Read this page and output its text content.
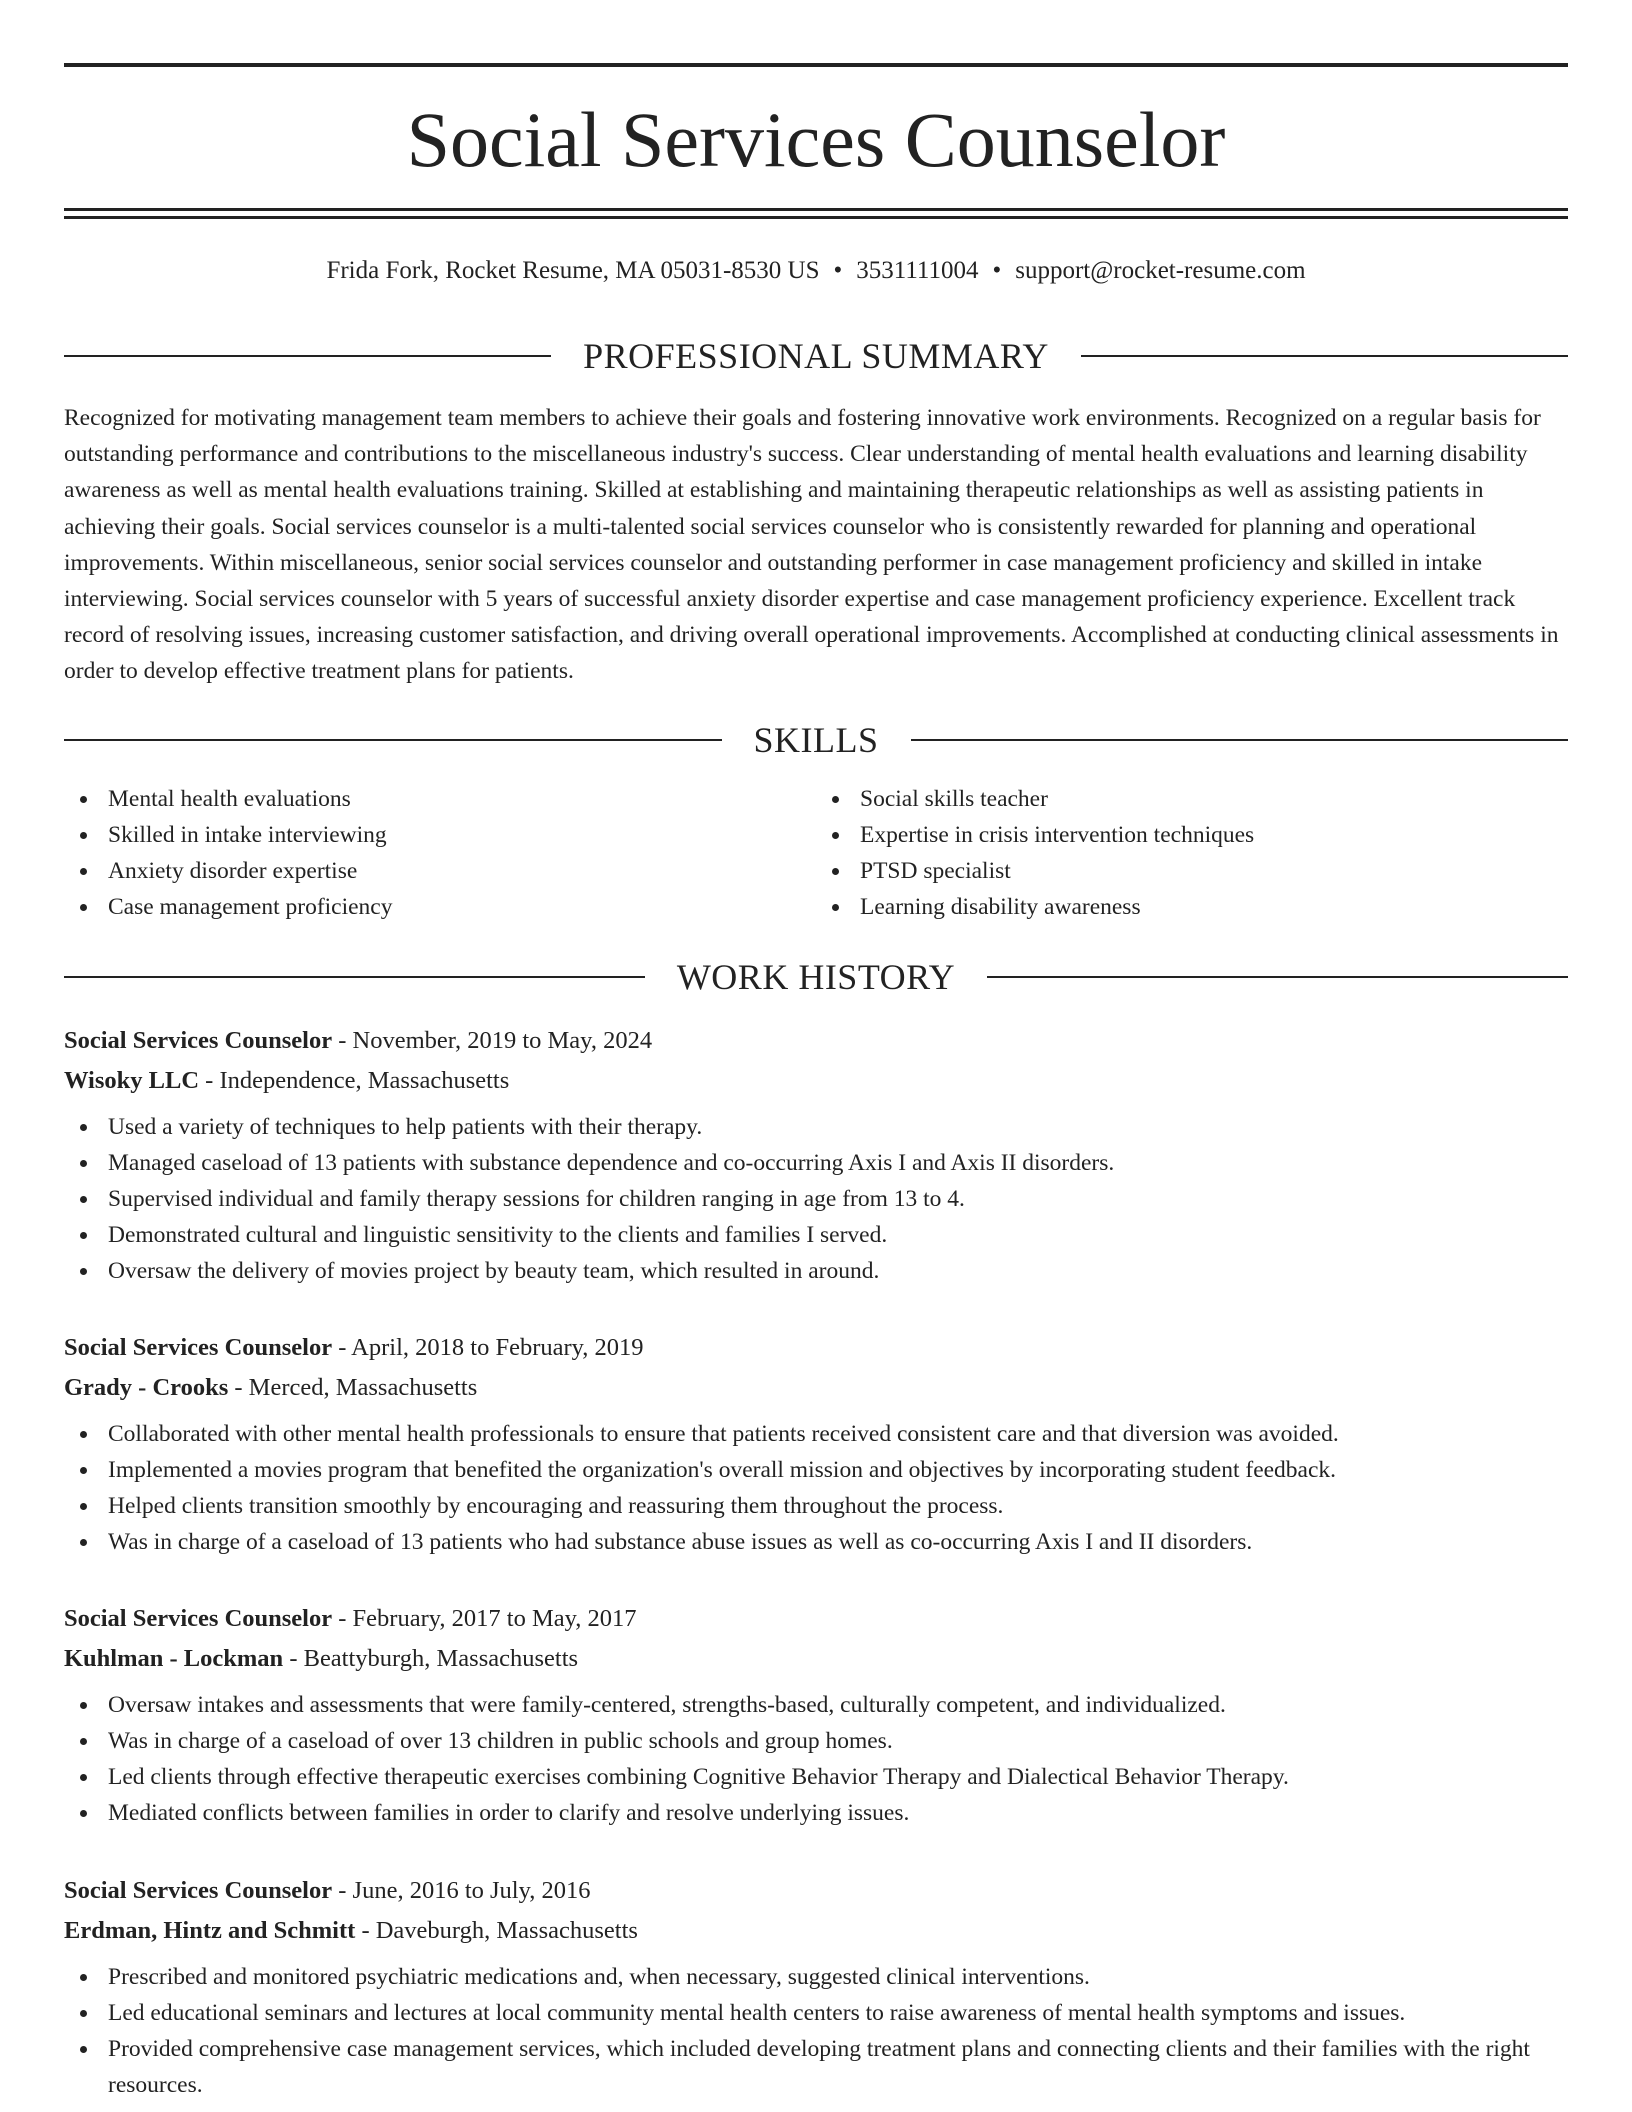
Social Services Counselor
Frida Fork, Rocket Resume, MA 05031-8530 US • 3531111004 • support@rocket-resume.com
PROFESSIONAL SUMMARY

Recognized for motivating management team members to achieve their goals and fostering innovative work environments. Recognized on a regular basis for outstanding performance and contributions to the miscellaneous industry's success. Clear understanding of mental health evaluations and learning disability awareness as well as mental health evaluations training. Skilled at establishing and maintaining therapeutic relationships as well as assisting patients in achieving their goals. Social services counselor is a multi-talented social services counselor who is consistently rewarded for planning and operational improvements. Within miscellaneous, senior social services counselor and outstanding performer in case management proficiency and skilled in intake interviewing. Social services counselor with 5 years of successful anxiety disorder expertise and case management proficiency experience. Excellent track record of resolving issues, increasing customer satisfaction, and driving overall operational improvements. Accomplished at conducting clinical assessments in order to develop effective treatment plans for patients.

SKILLS
Mental health evaluations
Skilled in intake interviewing
Anxiety disorder expertise
Case management proficiency
Social skills teacher
Expertise in crisis intervention techniques
PTSD specialist
Learning disability awareness
WORK HISTORY
Social Services Counselor - November, 2019 to May, 2024
Wisoky LLC - Independence, Massachusetts
Used a variety of techniques to help patients with their therapy.
Managed caseload of 13 patients with substance dependence and co-occurring Axis I and Axis II disorders.
Supervised individual and family therapy sessions for children ranging in age from 13 to 4.
Demonstrated cultural and linguistic sensitivity to the clients and families I served.
Oversaw the delivery of movies project by beauty team, which resulted in around.
Social Services Counselor - April, 2018 to February, 2019
Grady - Crooks - Merced, Massachusetts
Collaborated with other mental health professionals to ensure that patients received consistent care and that diversion was avoided.
Implemented a movies program that benefited the organization's overall mission and objectives by incorporating student feedback.
Helped clients transition smoothly by encouraging and reassuring them throughout the process.
Was in charge of a caseload of 13 patients who had substance abuse issues as well as co-occurring Axis I and II disorders.
Social Services Counselor - February, 2017 to May, 2017
Kuhlman - Lockman - Beattyburgh, Massachusetts
Oversaw intakes and assessments that were family-centered, strengths-based, culturally competent, and individualized.
Was in charge of a caseload of over 13 children in public schools and group homes.
Led clients through effective therapeutic exercises combining Cognitive Behavior Therapy and Dialectical Behavior Therapy.
Mediated conflicts between families in order to clarify and resolve underlying issues.
Social Services Counselor - June, 2016 to July, 2016
Erdman, Hintz and Schmitt - Daveburgh, Massachusetts
Prescribed and monitored psychiatric medications and, when necessary, suggested clinical interventions.
Led educational seminars and lectures at local community mental health centers to raise awareness of mental health symptoms and issues.
Provided comprehensive case management services, which included developing treatment plans and connecting clients and their families with the right resources.
